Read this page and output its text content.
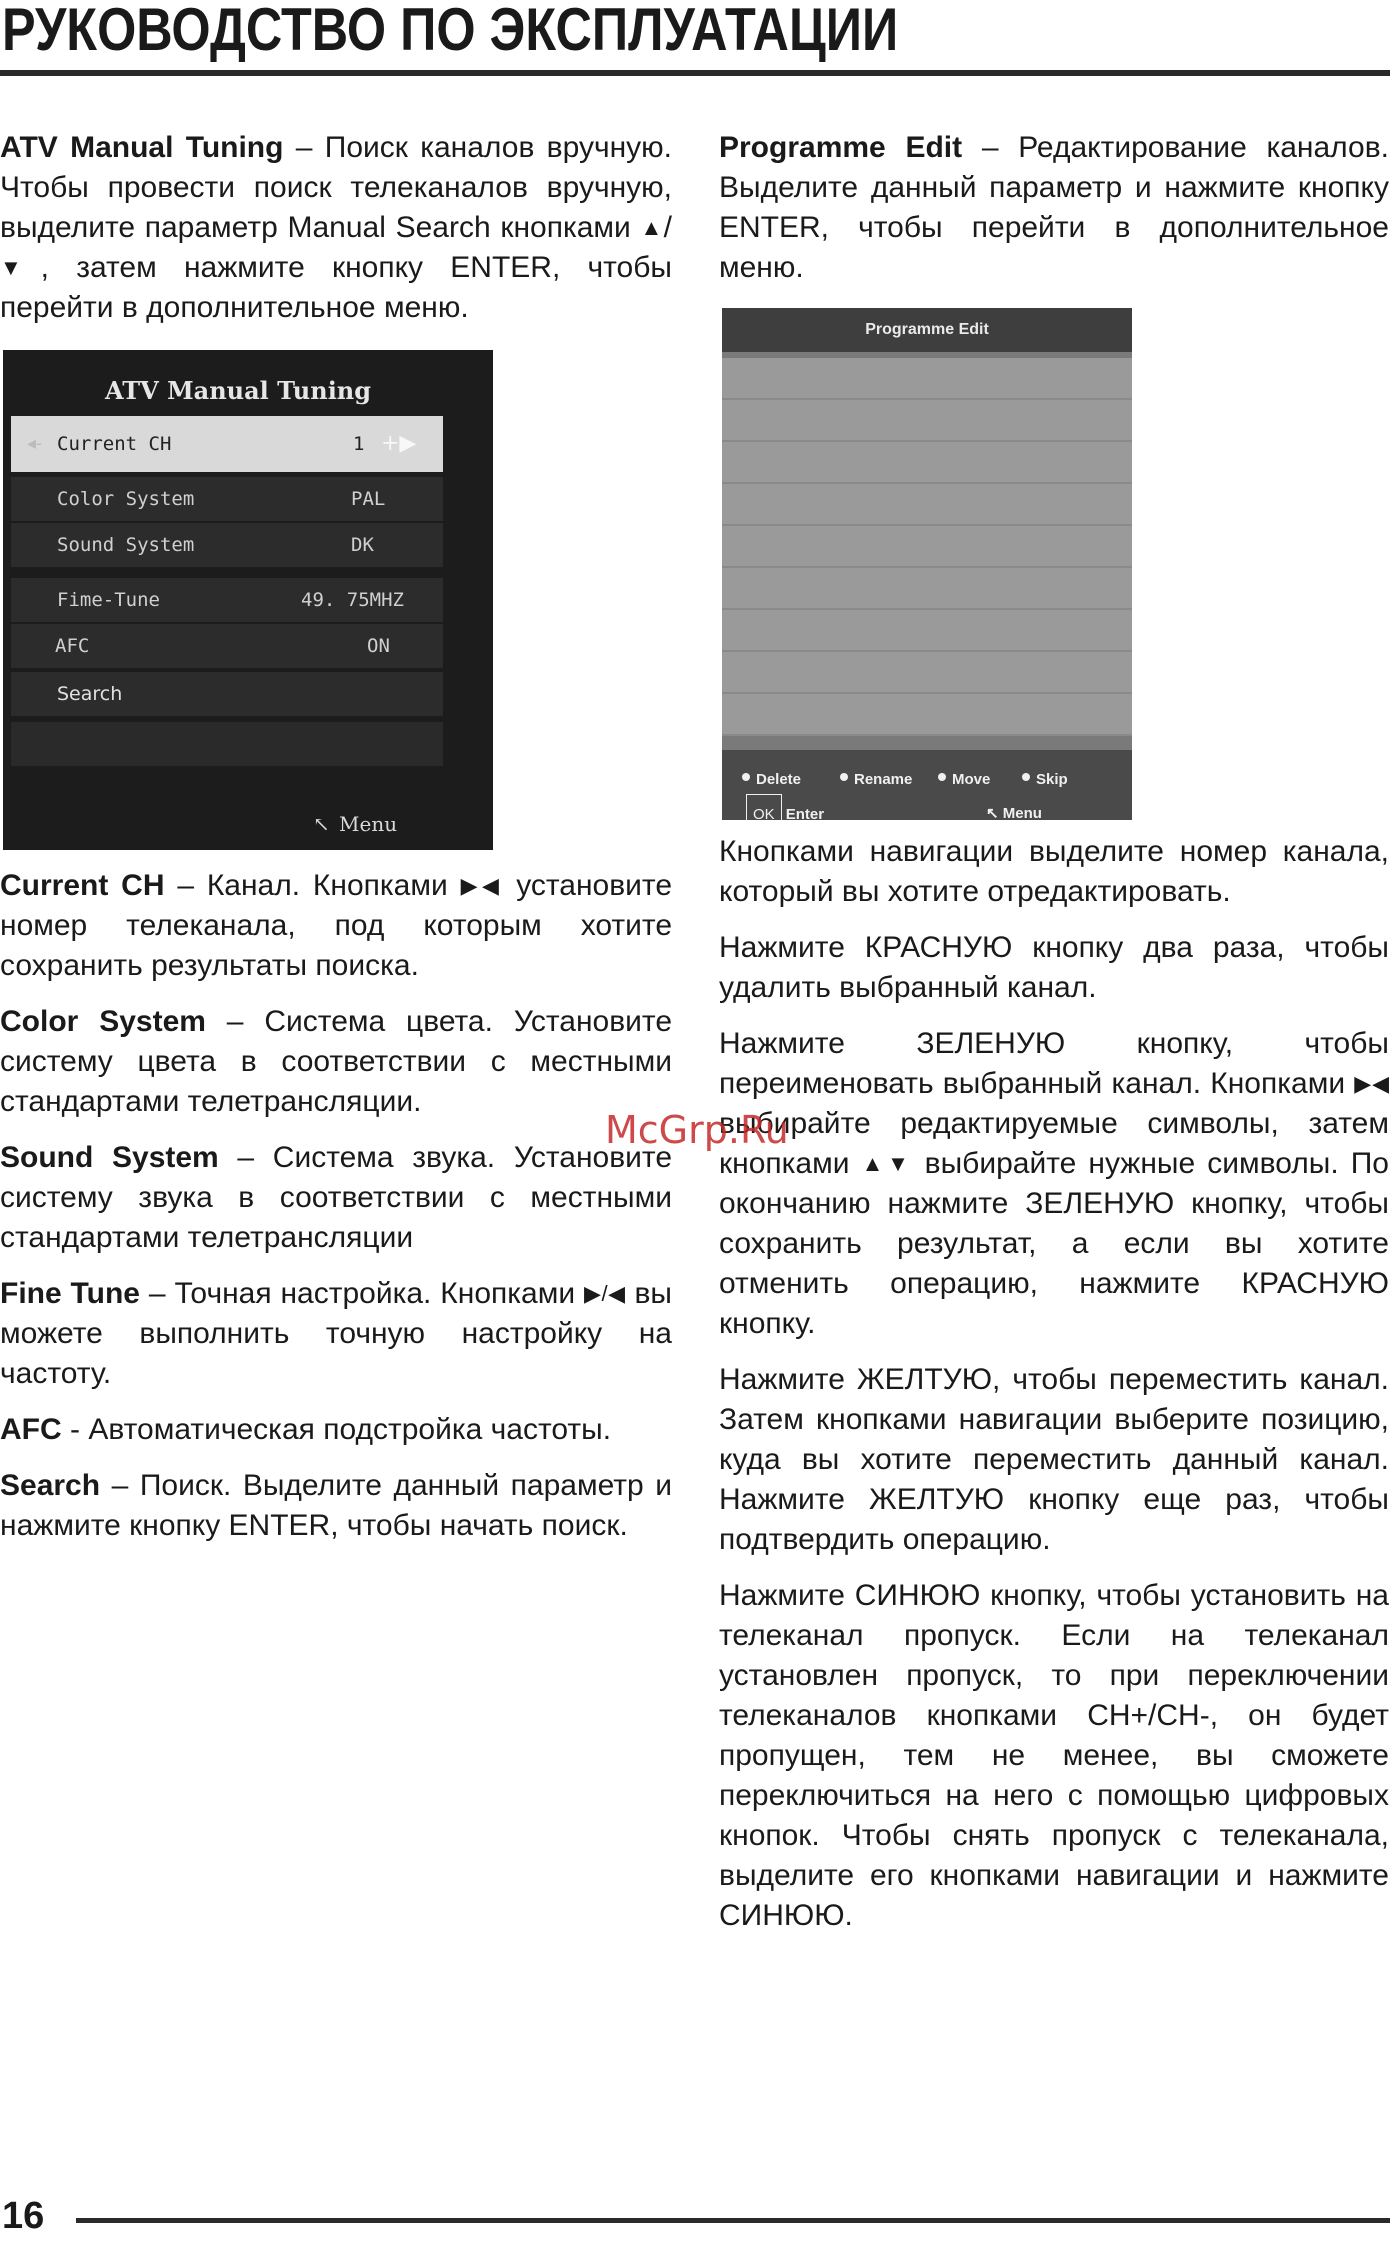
РУКОВОДСТВО ПО ЭКСПЛУАТАЦИИ

ATV Manual Tuning – Поиск каналов вручную. Чтобы провести поиск телеканалов вручную, выделите параметр Manual Search кнопками ▲/▼, затем нажмите кнопку ENTER, чтобы перейти в дополнительное меню.

ATV Manual Tuning
◂- Current CH	1 +▶
Color System	PAL
Sound System	DK
Fime-Tune	49. 75MHZ
AFC	ON
Search
↖ Menu

Current CH – Канал. Кнопками ▶◀ установите номер телеканала, под которым хотите сохранить результаты поиска.

Color System – Система цвета. Установите систему цвета в соответствии с местными стандартами телетрансляции.

Sound System – Система звука. Установите систему звука в соответствии с местными стандартами телетрансляции

Fine Tune – Точная настройка. Кнопками ▶/◀ вы можете выполнить точную настройку на частоту.

AFC - Автоматическая подстройка частоты.

Search – Поиск. Выделите данный параметр и нажмите кнопку ENTER, чтобы начать поиск.

Programme Edit – Редактирование каналов. Выделите данный параметр и нажмите кнопку ENTER, чтобы перейти в дополнительное меню.

Programme Edit
Delete	Rename	Move	Skip
OK Enter	↖ Menu

Кнопками навигации выделите номер канала, который вы хотите отредактировать.

Нажмите КРАСНУЮ кнопку два раза, чтобы удалить выбранный канал.

Нажмите ЗЕЛЕНУЮ кнопку, чтобы переименовать выбранный канал. Кнопками ▶◀ выбирайте редактируемые символы, затем кнопками ▲▼ выбирайте нужные символы. По окончанию нажмите ЗЕЛЕНУЮ кнопку, чтобы сохранить результат, а если вы хотите отменить операцию, нажмите КРАСНУЮ кнопку.

Нажмите ЖЕЛТУЮ, чтобы переместить канал. Затем кнопками навигации выберите позицию, куда вы хотите переместить данный канал. Нажмите ЖЕЛТУЮ кнопку еще раз, чтобы подтвердить операцию.

Нажмите СИНЮЮ кнопку, чтобы установить на телеканал пропуск. Если на телеканал установлен пропуск, то при переключении телеканалов кнопками CH+/CH-, он будет пропущен, тем не менее, вы сможете переключиться на него с помощью цифровых кнопок. Чтобы снять пропуск с телеканала, выделите его кнопками навигации и нажмите СИНЮЮ.

McGrp.Ru
16
